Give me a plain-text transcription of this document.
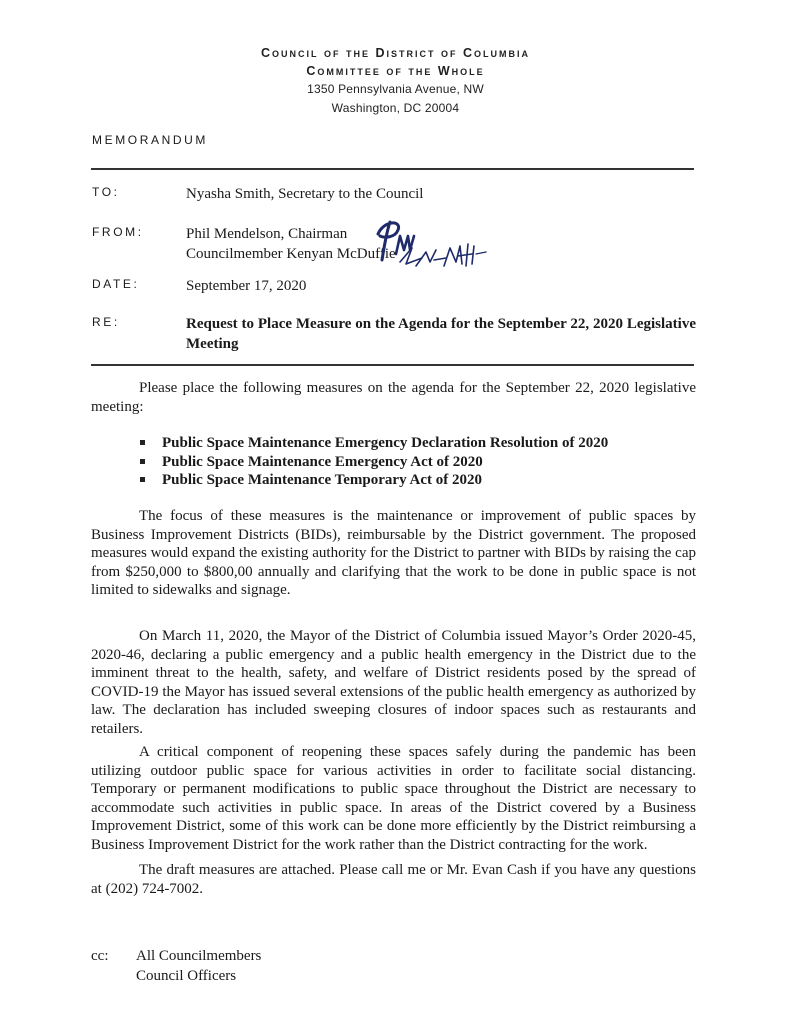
Council of the District of Columbia
Committee of the Whole
1350 Pennsylvania Avenue, NW
Washington, DC 20004
MEMORANDUM
TO:	Nyasha Smith, Secretary to the Council
FROM:	Phil Mendelson, Chairman
Councilmember Kenyan McDuffie
DATE:	September 17, 2020
RE:	Request to Place Measure on the Agenda for the September 22, 2020 Legislative Meeting
Please place the following measures on the agenda for the September 22, 2020 legislative meeting:
Public Space Maintenance Emergency Declaration Resolution of 2020
Public Space Maintenance Emergency Act of 2020
Public Space Maintenance Temporary Act of 2020
The focus of these measures is the maintenance or improvement of public spaces by Business Improvement Districts (BIDs), reimbursable by the District government. The proposed measures would expand the existing authority for the District to partner with BIDs by raising the cap from $250,000 to $800,00 annually and clarifying that the work to be done in public space is not limited to sidewalks and signage.
On March 11, 2020, the Mayor of the District of Columbia issued Mayor’s Order 2020-45, 2020-46, declaring a public emergency and a public health emergency in the District due to the imminent threat to the health, safety, and welfare of District residents posed by the spread of COVID-19 the Mayor has issued several extensions of the public health emergency as authorized by law. The declaration has included sweeping closures of indoor spaces such as restaurants and retailers.
A critical component of reopening these spaces safely during the pandemic has been utilizing outdoor public space for various activities in order to facilitate social distancing. Temporary or permanent modifications to public space throughout the District are necessary to accommodate such activities in public space. In areas of the District covered by a Business Improvement District, some of this work can be done more efficiently by the District reimbursing a Business Improvement District for the work rather than the District contracting for the work.
The draft measures are attached. Please call me or Mr. Evan Cash if you have any questions at (202) 724-7002.
cc: All Councilmembers
Council Officers
